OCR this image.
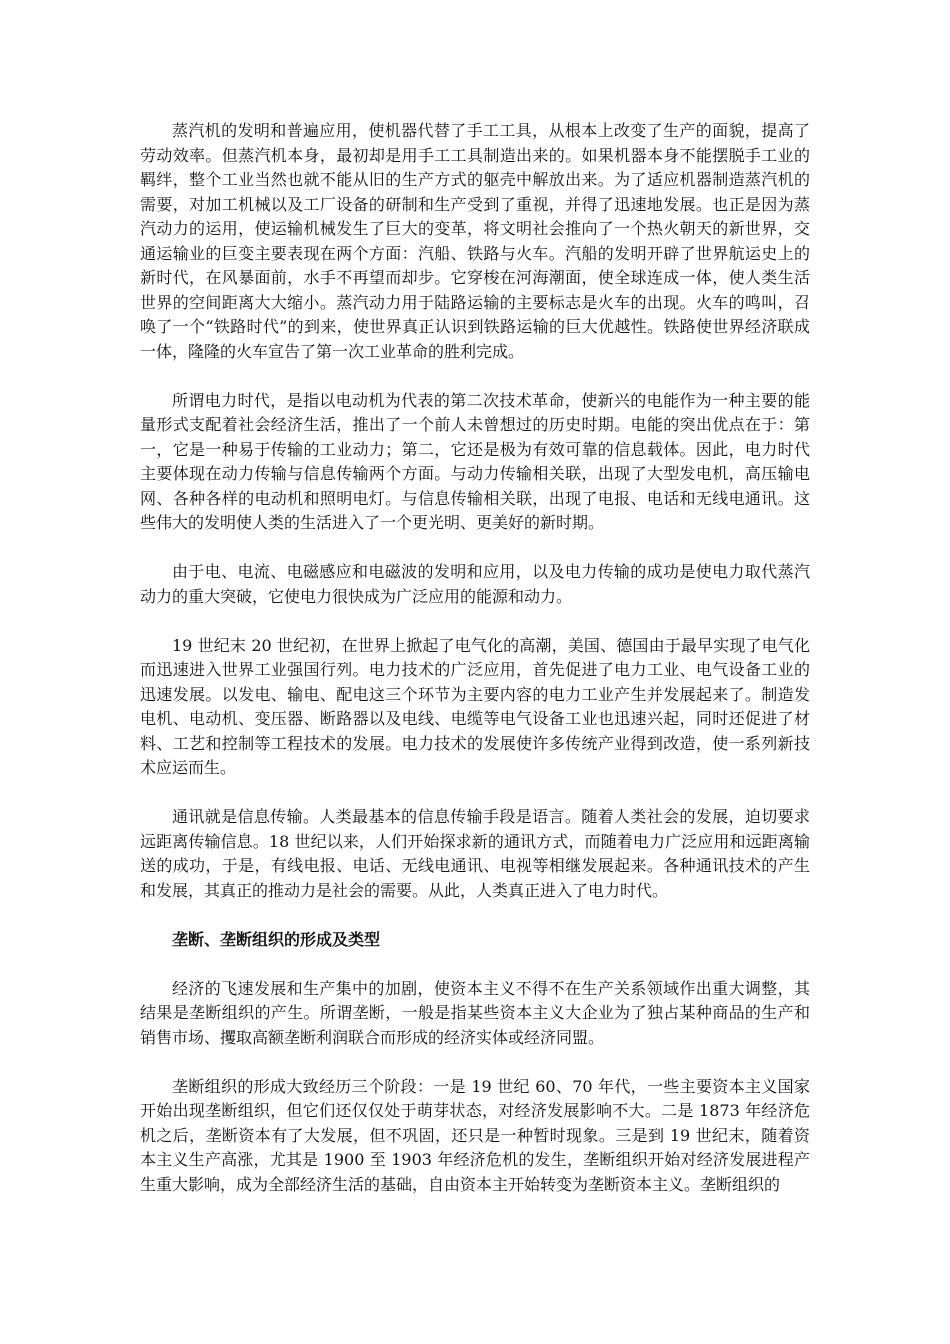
蒸汽机的发明和普遍应用，使机器代替了手工工具，从根本上改变了生产的面貌，提高了劳动效率。但蒸汽机本身，最初却是用手工工具制造出来的。如果机器本身不能摆脱手工业的羁绊，整个工业当然也就不能从旧的生产方式的躯壳中解放出来。为了适应机器制造蒸汽机的需要，对加工机械以及工厂设备的研制和生产受到了重视，并得了迅速地发展。也正是因为蒸汽动力的运用，使运输机械发生了巨大的变革，将文明社会推向了一个热火朝天的新世界，交通运输业的巨变主要表现在两个方面：汽船、铁路与火车。汽船的发明开辟了世界航运史上的新时代，在风暴面前，水手不再望而却步。它穿梭在河海潮面，使全球连成一体，使人类生活世界的空间距离大大缩小。蒸汽动力用于陆路运输的主要标志是火车的出现。火车的鸣叫，召唤了一个“铁路时代”的到来，使世界真正认识到铁路运输的巨大优越性。铁路使世界经济联成一体，隆隆的火车宣告了第一次工业革命的胜利完成。

所谓电力时代，是指以电动机为代表的第二次技术革命，使新兴的电能作为一种主要的能量形式支配着社会经济生活，推出了一个前人未曾想过的历史时期。电能的突出优点在于：第一，它是一种易于传输的工业动力；第二，它还是极为有效可靠的信息载体。因此，电力时代主要体现在动力传输与信息传输两个方面。与动力传输相关联，出现了大型发电机，高压输电网、各种各样的电动机和照明电灯。与信息传输相关联，出现了电报、电话和无线电通讯。这些伟大的发明使人类的生活进入了一个更光明、更美好的新时期。

由于电、电流、电磁感应和电磁波的发明和应用，以及电力传输的成功是使电力取代蒸汽动力的重大突破，它使电力很快成为广泛应用的能源和动力。

19 世纪末 20 世纪初，在世界上掀起了电气化的高潮，美国、德国由于最早实现了电气化而迅速进入世界工业强国行列。电力技术的广泛应用，首先促进了电力工业、电气设备工业的迅速发展。以发电、输电、配电这三个环节为主要内容的电力工业产生并发展起来了。制造发电机、电动机、变压器、断路器以及电线、电缆等电气设备工业也迅速兴起，同时还促进了材料、工艺和控制等工程技术的发展。电力技术的发展使许多传统产业得到改造，使一系列新技术应运而生。

通讯就是信息传输。人类最基本的信息传输手段是语言。随着人类社会的发展，迫切要求远距离传输信息。18 世纪以来，人们开始探求新的通讯方式，而随着电力广泛应用和远距离输送的成功，于是，有线电报、电话、无线电通讯、电视等相继发展起来。各种通讯技术的产生和发展，其真正的推动力是社会的需要。从此，人类真正进入了电力时代。

垄断、垄断组织的形成及类型

经济的飞速发展和生产集中的加剧，使资本主义不得不在生产关系领域作出重大调整，其结果是垄断组织的产生。所谓垄断，一般是指某些资本主义大企业为了独占某种商品的生产和销售市场、攫取高额垄断利润联合而形成的经济实体或经济同盟。

垄断组织的形成大致经历三个阶段：一是 19 世纪 60、70 年代，一些主要资本主义国家开始出现垄断组织，但它们还仅仅处于萌芽状态，对经济发展影响不大。二是 1873 年经济危机之后，垄断资本有了大发展，但不巩固，还只是一种暂时现象。三是到 19 世纪末，随着资本主义生产高涨，尤其是 1900 至 1903 年经济危机的发生，垄断组织开始对经济发展进程产生重大影响，成为全部经济生活的基础，自由资本主开始转变为垄断资本主义。垄断组织的
